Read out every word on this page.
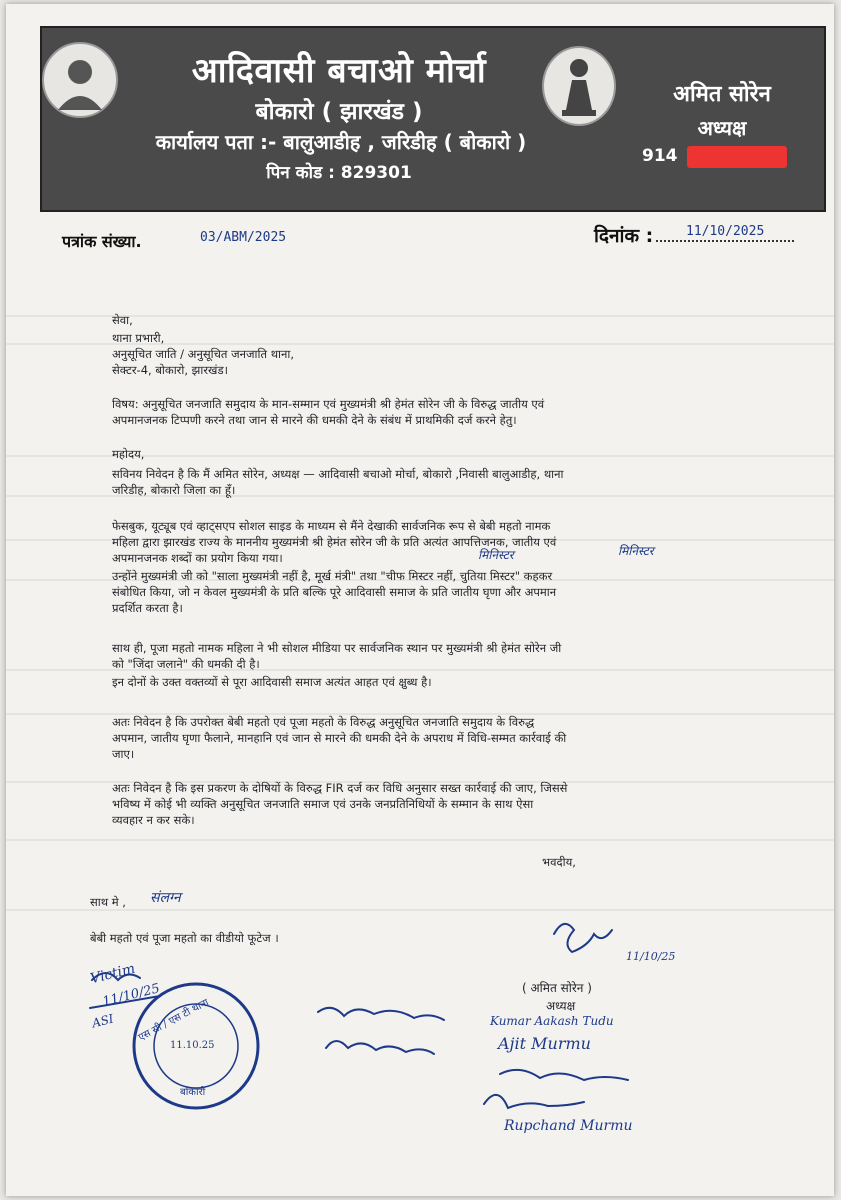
आदिवासी बचाओ मोर्चा
बोकारो ( झारखंड )
कार्यालय पता :- बालुआडीह , जरिडीह ( बोकारो )
पिन कोड : 829301
अमित सोरेन
अध्यक्ष
914
पत्रांक संख्या.	03/ABM/2025	दिनांक :	11/10/2025
सेवा,
थाना प्रभारी,
अनुसूचित जाति / अनुसूचित जनजाति थाना,
सेक्टर-4, बोकारो, झारखंड।
विषय: अनुसूचित जनजाति समुदाय के मान-सम्मान एवं मुख्यमंत्री श्री हेमंत सोरेन जी के विरुद्ध जातीय एवं
अपमानजनक टिप्पणी करने तथा जान से मारने की धमकी देने के संबंध में प्राथमिकी दर्ज करने हेतु।
महोदय,
सविनय निवेदन है कि मैं अमित सोरेन, अध्यक्ष — आदिवासी बचाओ मोर्चा, बोकारो ,निवासी बालुआडीह, थाना
जरिडीह, बोकारो जिला का हूँ।
फेसबुक, यूट्यूब एवं व्हाट्सएप सोशल साइड के माध्यम से मैंने देखाकी सार्वजनिक रूप से बेबी महतो नामक
महिला द्वारा झारखंड राज्य के माननीय मुख्यमंत्री श्री हेमंत सोरेन जी के प्रति अत्यंत आपत्तिजनक, जातीय एवं
अपमानजनक शब्दों का प्रयोग किया गया।	मिनिस्टर	मिनिस्टर
उन्होंने मुख्यमंत्री जी को "साला मुख्यमंत्री नहीं है, मूर्ख मंत्री" तथा "चीफ मिस्टर नहीं, चुतिया मिस्टर" कहकर
संबोधित किया, जो न केवल मुख्यमंत्री के प्रति बल्कि पूरे आदिवासी समाज के प्रति जातीय घृणा और अपमान
प्रदर्शित करता है।
साथ ही, पूजा महतो नामक महिला ने भी सोशल मीडिया पर सार्वजनिक स्थान पर मुख्यमंत्री श्री हेमंत सोरेन जी
को "जिंदा जलाने" की धमकी दी है।
इन दोनों के उक्त वक्तव्यों से पूरा आदिवासी समाज अत्यंत आहत एवं क्षुब्ध है।
अतः निवेदन है कि उपरोक्त बेबी महतो एवं पूजा महतो के विरुद्ध अनुसूचित जनजाति समुदाय के विरुद्ध
अपमान, जातीय घृणा फैलाने, मानहानि एवं जान से मारने की धमकी देने के अपराध में विधि-सम्मत कार्रवाई की
जाए।
अतः निवेदन है कि इस प्रकरण के दोषियों के विरुद्ध FIR दर्ज कर विधि अनुसार सख्त कार्रवाई की जाए, जिससे
भविष्य में कोई भी व्यक्ति अनुसूचित जनजाति समाज एवं उनके जनप्रतिनिधियों के सम्मान के साथ ऐसा
व्यवहार न कर सके।
भवदीय,
साथ मे , संलग्न
बेबी महतो एवं पूजा महतो का वीडीयो फूटेज ।
11/10/25
( अमित सोरेन )
अध्यक्ष
Victim
11/10/25
ASI एस सी / एस टी थाना
11.10.25
बोकारो
Kumar Aakash Tudu
Ajit Murmu
Rupchand Murmu
